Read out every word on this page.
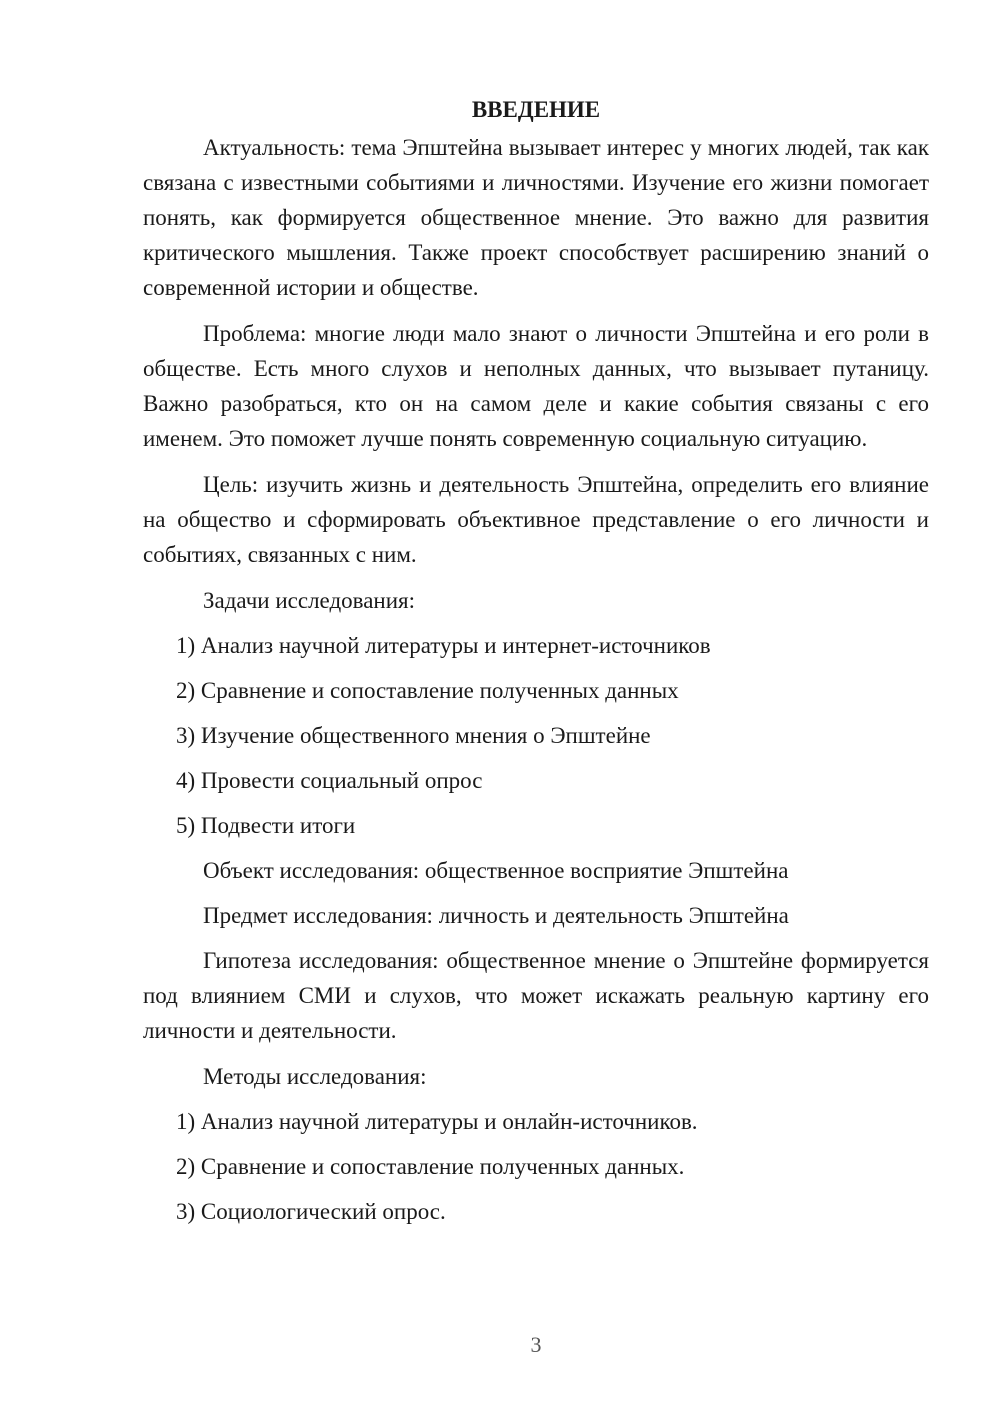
ВВЕДЕНИЕ

Актуальность: тема Эпштейна вызывает интерес у многих людей, так как связана с известными событиями и личностями. Изучение его жизни помогает понять, как формируется общественное мнение. Это важно для развития критического мышления. Также проект способствует расширению знаний о современной истории и обществе.

Проблема: многие люди мало знают о личности Эпштейна и его роли в обществе. Есть много слухов и неполных данных, что вызывает путаницу. Важно разобраться, кто он на самом деле и какие события связаны с его именем. Это поможет лучше понять современную социальную ситуацию.

Цель: изучить жизнь и деятельность Эпштейна, определить его влияние на общество и сформировать объективное представление о его личности и событиях, связанных с ним.

Задачи исследования:

1) Анализ научной литературы и интернет-источников

2) Сравнение и сопоставление полученных данных

3) Изучение общественного мнения о Эпштейне

4) Провести социальный опрос

5) Подвести итоги

Объект исследования: общественное восприятие Эпштейна

Предмет исследования: личность и деятельность Эпштейна

Гипотеза исследования: общественное мнение о Эпштейне формируется под влиянием СМИ и слухов, что может искажать реальную картину его личности и деятельности.

Методы исследования:

1) Анализ научной литературы и онлайн-источников.

2) Сравнение и сопоставление полученных данных.

3) Социологический опрос.

3
